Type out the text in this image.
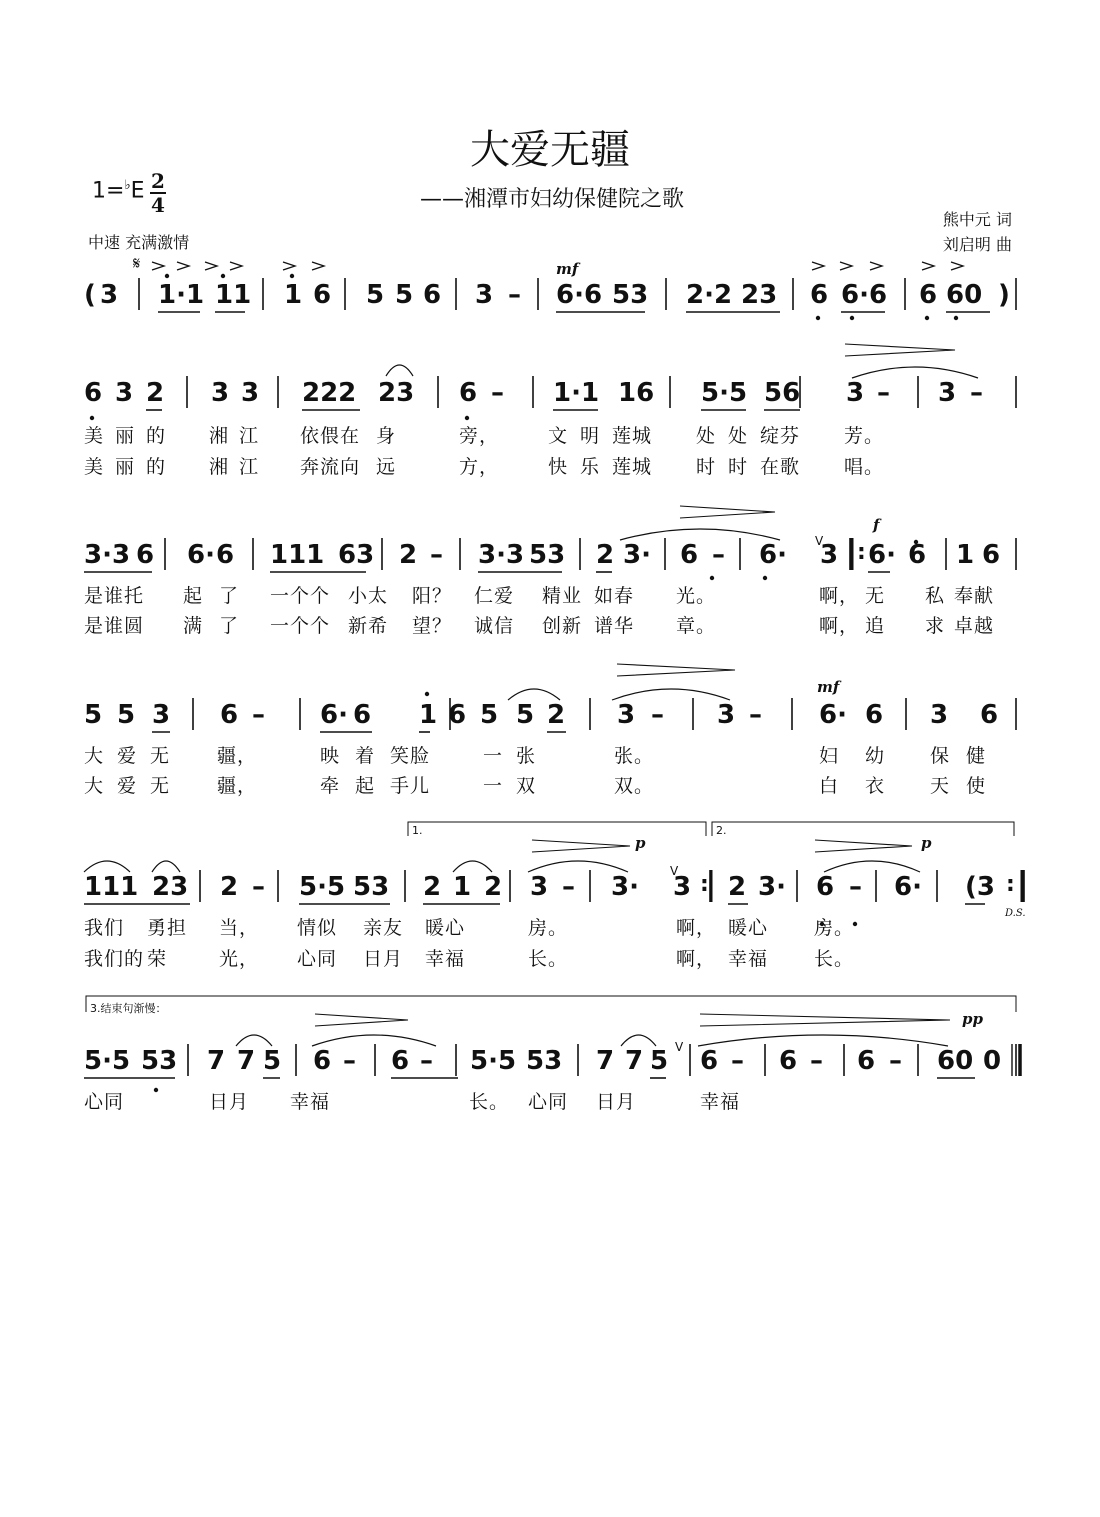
大爱无疆
1=♭E 2
4	——湘潭市妇幼保健院之歌
中速 充满激情
熊中元 词
刘启明 曲
( 3 1·1 11 1 6 5 5 6 3 – 6·6 53 2·2 23 6 6·6 6 60 )
6 3 2 3 3 222 23 6 – 1·1 16 5·5 56 3 – 3 –
美 丽 的 湘 江 依偎在 身	旁，	文 明 莲城 处 处 绽芬 芳。
美 丽 的 湘 江 奔流向 远	方，	快 乐 莲城 时 时 在歌 唱。
3·3 6 6· 6 111 63 2 – 3·3 53 2 3· 6 – 6· 3 6· 6 1 6
是谁托 起 了 一个个 小太 阳？ 仁爱 精业 如春 光。	啊， 无 私 奉献
是谁圆 满 了 一个个 新希 望？ 诚信 创新 谱华 章。	啊， 追 求 卓越
5 5 3 6 – 6· 6 1 6 5 5 2 3 – 3 – 6· 6 3 6
大 爱 无 疆，	映 着 笑脸	一 张	张。	妇 幼 保 健
大 爱 无 疆，	牵 起 手儿	一 双	双。	白 衣 天 使
111 23 2 – 5·5 53 2 1 2 3 – 3· 3 2 3· 6 – 6· (3
我们 勇担 当， 情似 亲友 暖心	房。	啊， 暖心 房。
我们的 荣	光， 心同 日月 幸福	长。	啊， 幸福 长。
5·5 53 7 7 5 6 – 6 – 5·5 53 7 7 5 6 – 6 – 6 – 60 0
心同	日月 幸福	长。 心同 日月	幸福
:
:	:
V
V
V
𝄋	mf
f
mf
p	p
pp
D.S.
1.	2.
3.结束句渐慢：
